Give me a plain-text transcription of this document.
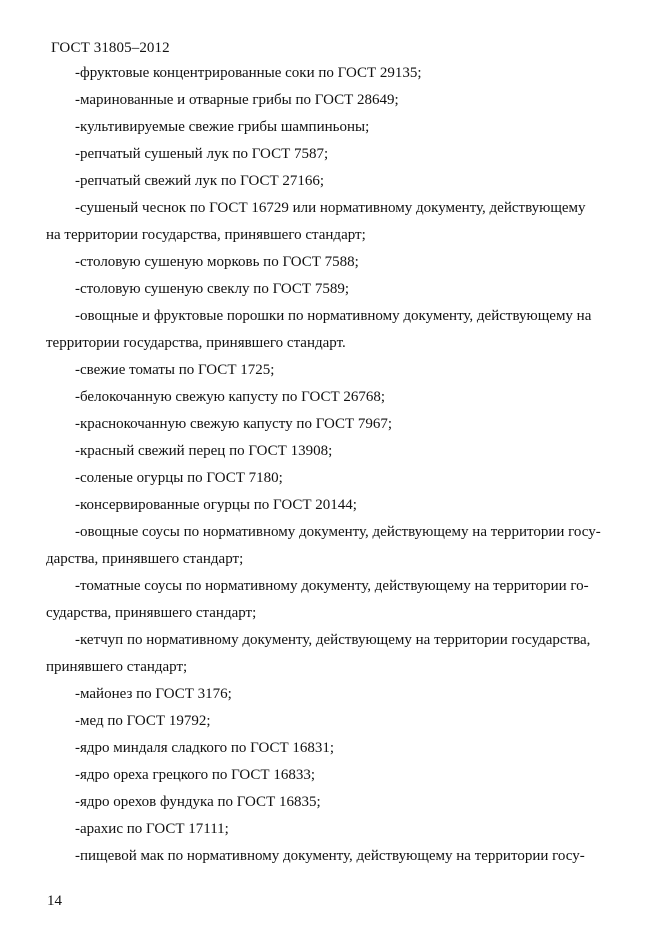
ГОСТ 31805–2012
-фруктовые концентрированные соки по ГОСТ 29135;
-маринованные и отварные грибы по ГОСТ 28649;
-культивируемые свежие грибы шампиньоны;
-репчатый сушеный лук по ГОСТ 7587;
-репчатый свежий лук по ГОСТ 27166;
-сушеный чеснок по ГОСТ 16729 или нормативному документу, действующему
на территории государства, принявшего стандарт;
-столовую сушеную морковь по ГОСТ 7588;
-столовую сушеную свеклу по ГОСТ 7589;
-овощные и фруктовые порошки по нормативному документу, действующему на
территории государства, принявшего стандарт.
-свежие томаты по ГОСТ 1725;
-белокочанную свежую капусту по ГОСТ 26768;
-краснокочанную свежую капусту по ГОСТ 7967;
-красный свежий перец по ГОСТ 13908;
-соленые огурцы по ГОСТ 7180;
-консервированные огурцы по ГОСТ 20144;
-овощные соусы по нормативному документу, действующему на территории госу-
дарства, принявшего стандарт;
-томатные соусы по нормативному документу, действующему на территории го-
сударства, принявшего стандарт;
-кетчуп по нормативному документу, действующему на территории государства,
принявшего стандарт;
-майонез по ГОСТ 3176;
-мед по ГОСТ 19792;
-ядро миндаля сладкого по ГОСТ 16831;
-ядро ореха грецкого по ГОСТ 16833;
-ядро орехов фундука по ГОСТ 16835;
-арахис по ГОСТ 17111;
-пищевой мак по нормативному документу, действующему на территории госу-
14
